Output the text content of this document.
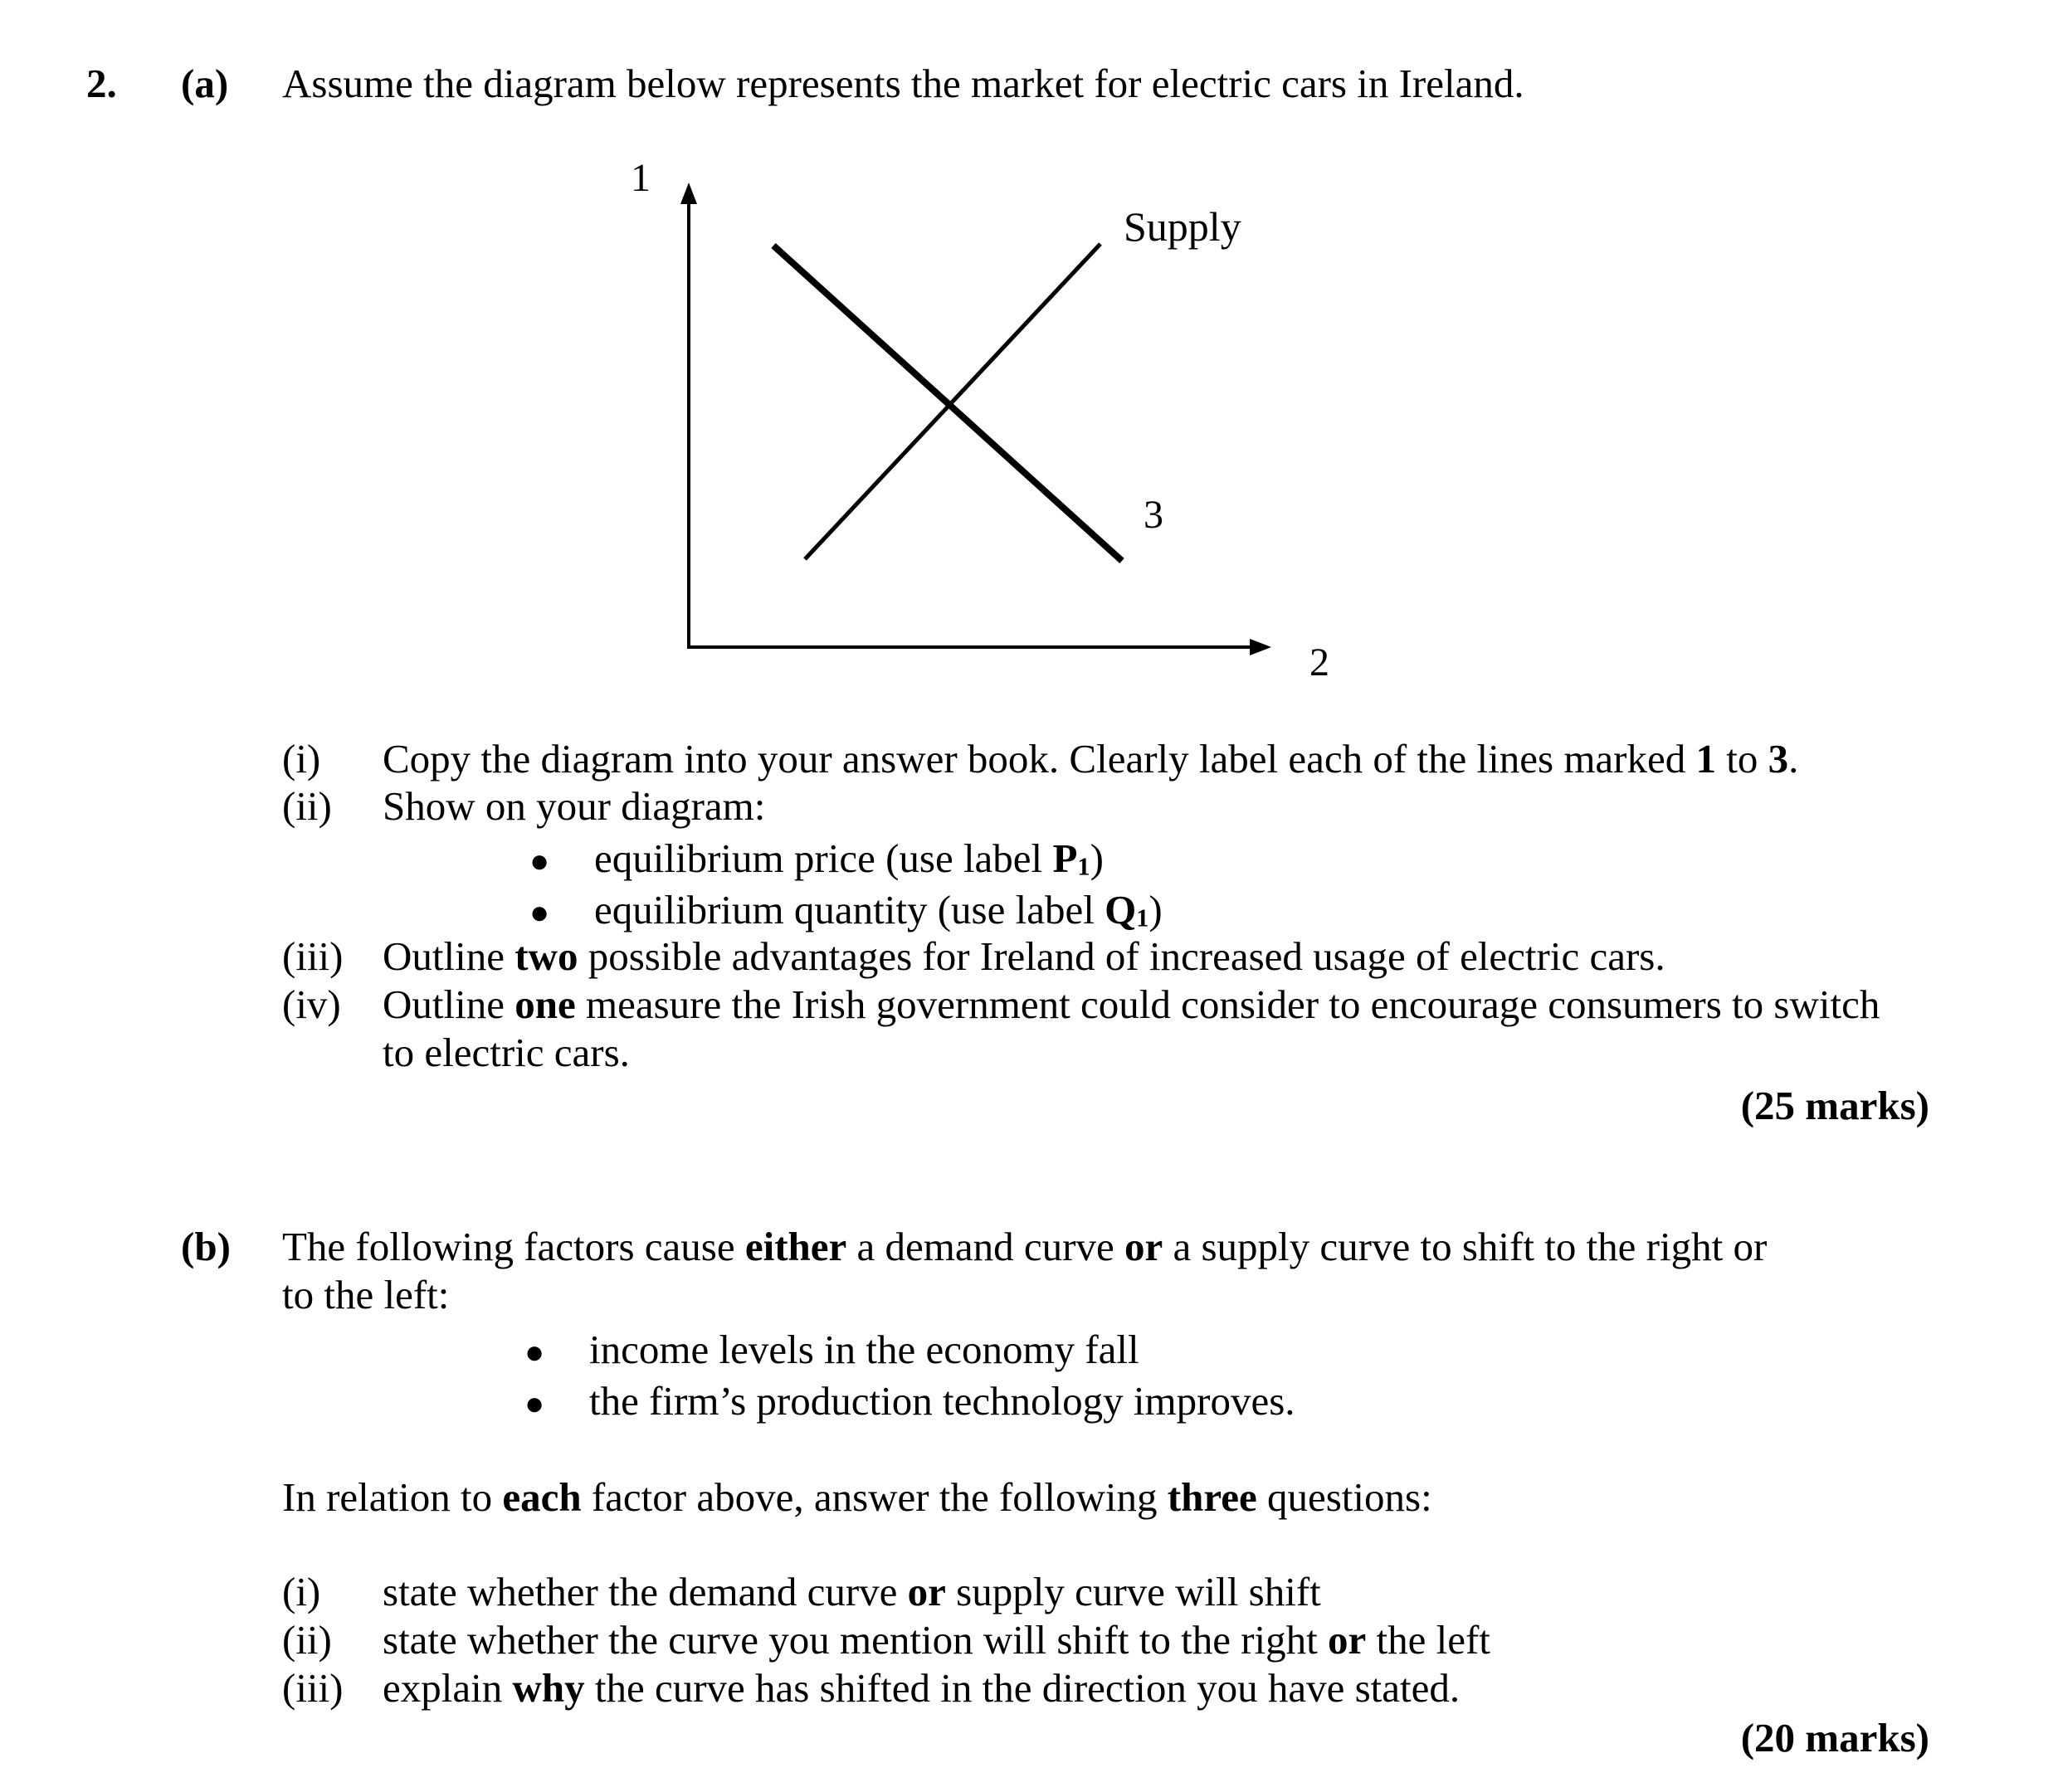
2. (a) Assume the diagram below represents the market for electric cars in Ireland.
1
2
3
Supply
(i) Copy the diagram into your answer book. Clearly label each of the lines marked 1 to 3.
(ii) Show on your diagram:
● equilibrium price (use label P1)
● equilibrium quantity (use label Q1)
(iii) Outline two possible advantages for Ireland of increased usage of electric cars.
(iv) Outline one measure the Irish government could consider to encourage consumers to switch
to electric cars.
(25 marks)
(b) The following factors cause either a demand curve or a supply curve to shift to the right or
to the left:
● income levels in the economy fall
● the firm’s production technology improves.
In relation to each factor above, answer the following three questions:
(i) state whether the demand curve or supply curve will shift
(ii) state whether the curve you mention will shift to the right or the left
(iii) explain why the curve has shifted in the direction you have stated.
(20 marks)
